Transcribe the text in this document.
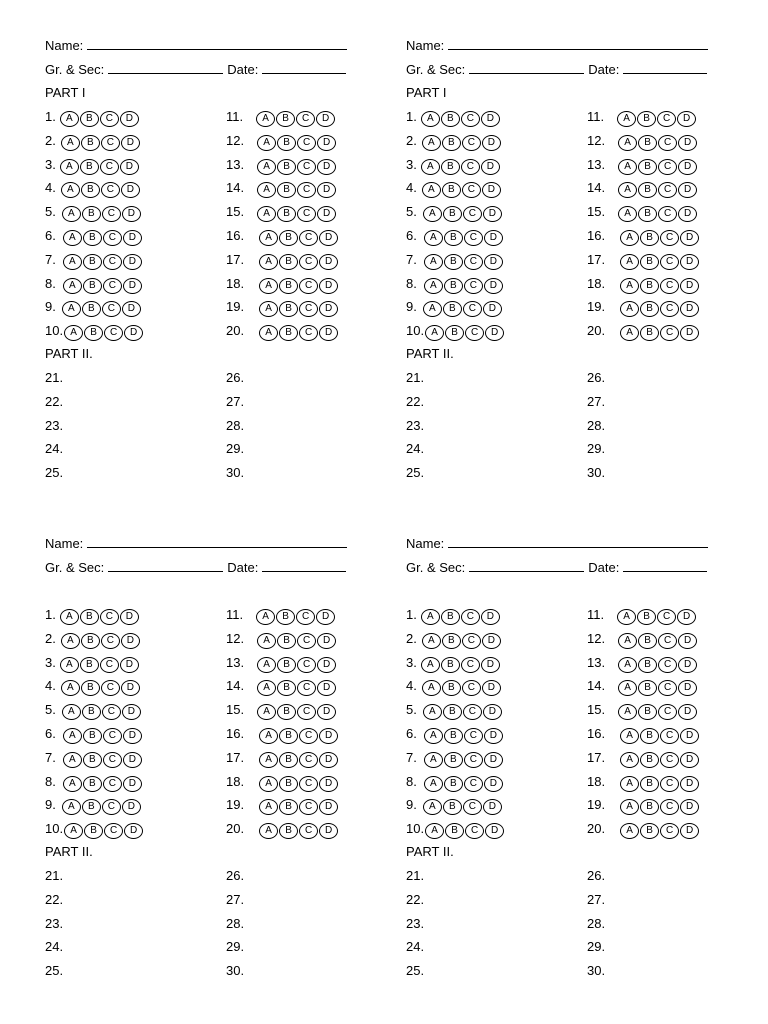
Name:
Gr. & Sec:	Date:
PART I
1.	A	B	C	D
2.	A	B	C	D
3.	A	B	C	D
4.	A	B	C	D
5.	A	B	C	D
6.	A	B	C	D
7.	A	B	C	D
8.	A	B	C	D
9.	A	B	C	D
10. A	B	C	D
11.	A	B	C	D
12.	A	B	C	D
13.	A	B	C	D
14.	A	B	C	D
15.	A	B	C	D
16.	A	B	C	D
17.	A	B	C	D
18.	A	B	C	D
19.	A	B	C	D
20.	A	B	C	D
PART II.
21.
22.
23.
24.
25.
26.
27.
28.
29.
30.
Name:
Gr. & Sec:	Date:
PART I
1.	A	B	C	D
2.	A	B	C	D
3.	A	B	C	D
4.	A	B	C	D
5.	A	B	C	D
6.	A	B	C	D
7.	A	B	C	D
8.	A	B	C	D
9.	A	B	C	D
10. A	B	C	D
11.	A	B	C	D
12.	A	B	C	D
13.	A	B	C	D
14.	A	B	C	D
15.	A	B	C	D
16.	A	B	C	D
17.	A	B	C	D
18.	A	B	C	D
19.	A	B	C	D
20.	A	B	C	D
PART II.
21.
22.
23.
24.
25.
26.
27.
28.
29.
30.
Name:
Gr. & Sec:	Date:
1.	A	B	C	D
2.	A	B	C	D
3.	A	B	C	D
4.	A	B	C	D
5.	A	B	C	D
6.	A	B	C	D
7.	A	B	C	D
8.	A	B	C	D
9.	A	B	C	D
10. A	B	C	D
11.	A	B	C	D
12.	A	B	C	D
13.	A	B	C	D
14.	A	B	C	D
15.	A	B	C	D
16.	A	B	C	D
17.	A	B	C	D
18.	A	B	C	D
19.	A	B	C	D
20.	A	B	C	D
PART II.
21.
22.
23.
24.
25.
26.
27.
28.
29.
30.
Name:
Gr. & Sec:	Date:
1.	A	B	C	D
2.	A	B	C	D
3.	A	B	C	D
4.	A	B	C	D
5.	A	B	C	D
6.	A	B	C	D
7.	A	B	C	D
8.	A	B	C	D
9.	A	B	C	D
10. A	B	C	D
11.	A	B	C	D
12.	A	B	C	D
13.	A	B	C	D
14.	A	B	C	D
15.	A	B	C	D
16.	A	B	C	D
17.	A	B	C	D
18.	A	B	C	D
19.	A	B	C	D
20.	A	B	C	D
PART II.
21.
22.
23.
24.
25.
26.
27.
28.
29.
30.
